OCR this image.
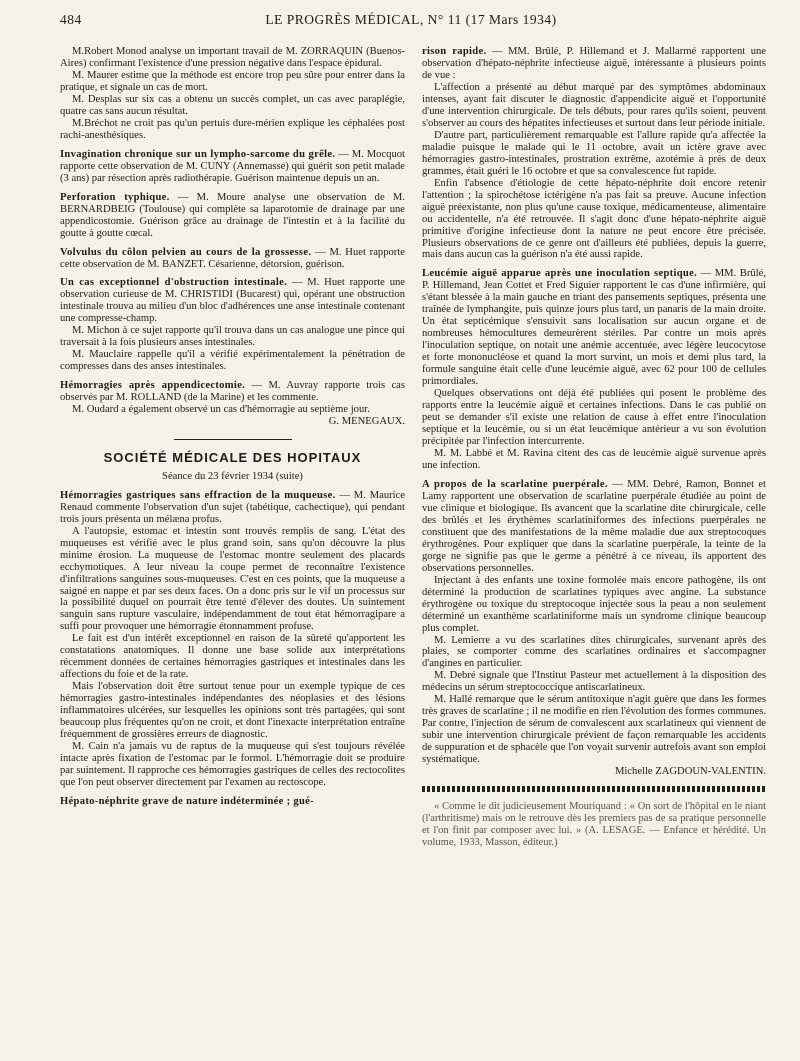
484	LE PROGRÈS MÉDICAL, N° 11 (17 Mars 1934)

M.Robert Monod analyse un important travail de M. ZORRAQUIN (Buenos-Aires) confirmant l'existence d'une pression négative dans l'espace épidural.

M. Maurer estime que la méthode est encore trop peu sûre pour entrer dans la pratique, et signale un cas de mort.

M. Desplas sur six cas a obtenu un succès complet, un cas avec paraplégie, quatre cas sans aucun résultat.

M.Bréchot ne croit pas qu'un pertuis dure-mérien explique les céphalées post rachi-anesthésiques.

Invagination chronique sur un lympho-sarcome du grêle. — M. Mocquot rapporte cette observation de M. CUNY (Annemasse) qui guérit son petit malade (3 ans) par résection après radiothérapie. Guérison maintenue depuis un an.

Perforation typhique. — M. Moure analyse une observation de M. BERNARDBEIG (Toulouse) qui complète sa laparotomie de drainage par une appendicostomie. Guérison grâce au drainage de l'intestin et à la facilité du goutte à goutte cœcal.

Volvulus du côlon pelvien au cours de la grossesse. — M. Huet rapporte cette observation de M. BANZET. Césarienne, détorsion, guérison.

Un cas exceptionnel d'obstruction intestinale. — M. Huet rapporte une observation curieuse de M. CHRISTIDI (Bucarest) qui, opérant une obstruction intestinale trouva au milieu d'un bloc d'adhérences une anse intestinale contenant une compresse-champ.

M. Michon à ce sujet rapporte qu'il trouva dans un cas analogue une pince qui traversait à la fois plusieurs anses intestinales.

M. Mauclaire rappelle qu'il a vérifié expérimentalement la pénétration de compresses dans des anses intestinales.

Hémorragies après appendicectomie. — M. Auvray rapporte trois cas observés par M. ROLLAND (de la Marine) et les commente.

M. Oudard a également observé un cas d'hémorragie au septième jour.

G. MENEGAUX.
SOCIÉTÉ MÉDICALE DES HOPITAUX
Séance du 23 février 1934 (suite)

Hémorragies gastriques sans effraction de la muqueuse. — M. Maurice Renaud commente l'observation d'un sujet (tabétique, cachectique), qui pendant trois jours présenta un mélæna profus.

A l'autopsie, estomac et intestin sont trouvés remplis de sang. L'état des muqueuses est vérifié avec le plus grand soin, sans qu'on découvre la plus minime érosion. La muqueuse de l'estomac montre seulement des placards ecchymotiques. A leur niveau la coupe permet de reconnaître l'existence d'infiltrations sanguines sous-muqueuses. C'est en ces points, que la muqueuse a saigné en nappe et par ses deux faces. On a donc pris sur le vif un processus sur la possibilité duquel on pourrait être tenté d'élever des doutes. Un suintement sanguin sans rupture vasculaire, indépendamment de tout état hémorragipare a suffi pour provoquer une hémorragie étonnamment profuse.

Le fait est d'un intérêt exceptionnel en raison de la sûreté qu'apportent les constatations anatomiques. Il donne une base solide aux interprétations récemment données de certaines hémorragies gastriques et intestinales dans les affections du foie et de la rate.

Mais l'observation doit être surtout tenue pour un exemple typique de ces hémorragies gastro-intestinales indépendantes des néoplasies et des lésions inflammatoires ulcérées, sur lesquelles les opinions sont très partagées, qui sont beaucoup plus fréquentes qu'on ne croit, et dont l'inexacte interprétation entraîne fréquemment de grossières erreurs de diagnostic.

M. Cain n'a jamais vu de raptus de la muqueuse qui s'est toujours révélée intacte après fixation de l'estomac par le formol. L'hémorragie doit se produire par suintement. Il rapproche ces hémorragies gastriques de celles des rectocolites que l'on peut observer directement par l'examen au rectoscope.

Hépato-néphrite grave de nature indéterminée ; gué-

rison rapide. — MM. Brûlé, P. Hillemand et J. Mallarmé rapportent une observation d'hépato-néphrite infectieuse aiguë, intéressante à plusieurs points de vue :

L'affection a présenté au début marqué par des symptômes abdominaux intenses, ayant fait discuter le diagnostic d'appendicite aiguë et l'opportunité d'une intervention chirurgicale. De tels débuts, pour rares qu'ils soient, peuvent s'observer au cours des hépatites infectieuses et surtout dans leur période initiale.

D'autre part, particulièrement remarquable est l'allure rapide qu'a affectée la maladie puisque le malade qui le 11 octobre, avait un ictère grave avec hémorragies gastro-intestinales, prostration extrême, azotémie à près de deux grammes, était guéri le 16 octobre et que sa convalescence fut rapide.

Enfin l'absence d'étiologie de cette hépato-néphrite doit encore retenir l'attention ; la spirochétose ictérigène n'a pas fait sa preuve. Aucune infection aiguë préexistante, non plus qu'une cause toxique, médicamenteuse, alimentaire ou accidentelle, n'a été retrouvée. Il s'agit donc d'une hépato-néphrite aiguë primitive d'origine infectieuse dont la nature ne peut encore être précisée. Plusieurs observations de ce genre ont d'ailleurs été publiées, depuis la guerre, mais dans aucun cas la guérison n'a été aussi rapide.

Leucémie aiguë apparue après une inoculation septique. — MM. Brûlé, P. Hillemand, Jean Cottet et Fred Siguier rapportent le cas d'une infirmière, qui s'étant blessée à la main gauche en triant des pansements septiques, présenta une traînée de lymphangite, puis quinze jours plus tard, un panaris de la main droite. Un état septicémique s'ensuivit sans localisation sur aucun organe et de nombreuses hémocultures demeurèrent stériles. Par contre un mois après l'inoculation septique, on notait une anémie accentuée, avec légère leucocytose et forte mononucléose et quand la mort survint, un mois et demi plus tard, la formule sanguine était celle d'une leucémie aiguë, avec 62 pour 100 de cellules primordiales.

Quelques observations ont déjà été publiées qui posent le problème des rapports entre la leucémie aiguë et certaines infections. Dans le cas publié on peut se demander s'il existe une relation de cause à effet entre l'inoculation septique et la leucémie, ou si un état leucémique antérieur a vu son évolution précipitée par l'infection intercurrente.

M. M. Labbé et M. Ravina citent des cas de leucémie aiguë survenue après une infection.

A propos de la scarlatine puerpérale. — MM. Debré, Ramon, Bonnet et Lamy rapportent une observation de scarlatine puerpérale étudiée au point de vue clinique et biologique. Ils avancent que la scarlatine dite chirurgicale, celle des brûlés et les érythèmes scarlatiniformes des infections puerpérales ne constituent que des manifestations de la même maladie due aux streptocoques érythrogènes. Pour expliquer que dans la scarlatine puerpérale, la teinte de la gorge ne signifie pas que le germe a pénétré à ce niveau, ils apportent des observations personnelles.

Injectant à des enfants une toxine formolée mais encore pathogène, ils ont déterminé la production de scarlatines typiques avec angine. La substance érythrogène ou toxique du streptocoque injectée sous la peau a non seulement déterminé un exanthème scarlatiniforme mais un syndrome clinique beaucoup plus complet.

M. Lemierre a vu des scarlatines dites chirurgicales, survenant après des plaies, se comporter comme des scarlatines ordinaires et s'accompagner d'angines en particulier.

M. Debré signale que l'Institut Pasteur met actuellement à la disposition des médecins un sérum streptococcique antiscarlatineux.

M. Hallé remarque que le sérum antitoxique n'agit guère que dans les formes très graves de scarlatine ; il ne modifie en rien l'évolution des formes communes. Par contre, l'injection de sérum de convalescent aux scarlatineux qui viennent de subir une intervention chirurgicale prévient de façon remarquable les accidents de suppuration et de sphacèle que l'on voyait survenir autrefois avant son emploi systématique.

Michelle ZAGDOUN-VALENTIN.

« Comme le dit judicieusement Mouriquand : « On sort de l'hôpital en le niant (l'arthritisme) mais on le retrouve dès les premiers pas de sa pratique personnelle et l'on finit par composer avec lui. » (A. LESAGE. — Enfance et hérédité. Un volume, 1933, Masson, éditeur.)
